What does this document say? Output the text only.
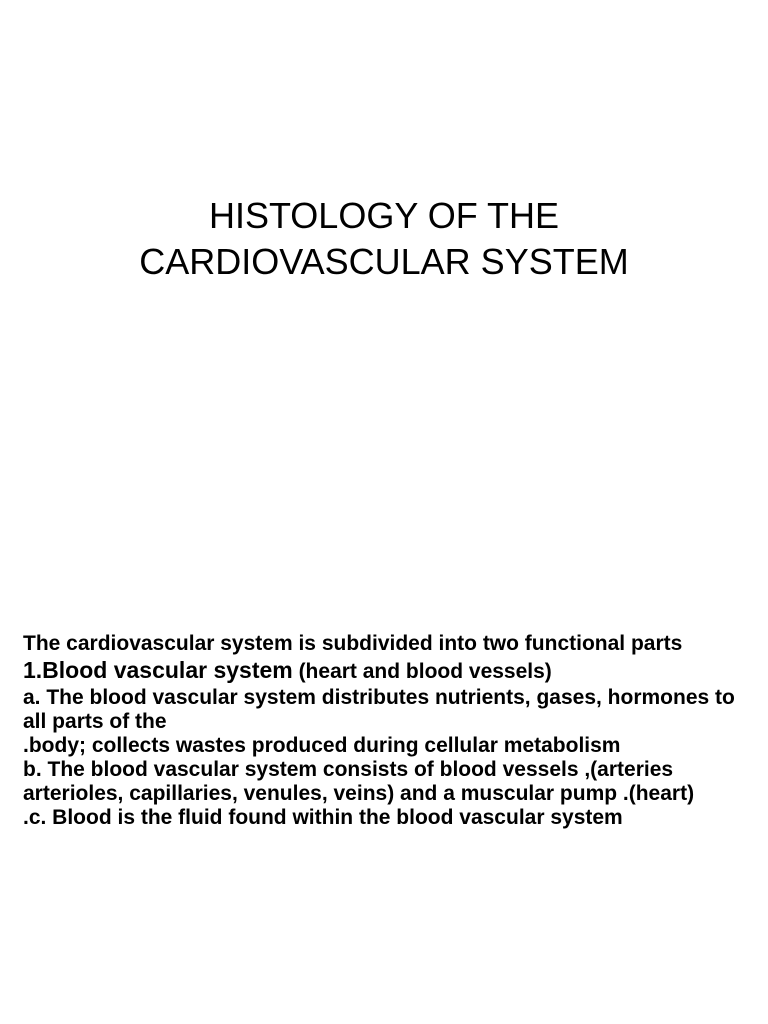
HISTOLOGY OF THE
CARDIOVASCULAR SYSTEM

The cardiovascular system is subdivided into two functional parts

1.Blood vascular system (heart and blood vessels)

a. The blood vascular system distributes nutrients, gases, hormones to all parts of the

.body; collects wastes produced during cellular metabolism

b. The blood vascular system consists of blood vessels ,(arteries

arterioles, capillaries, venules, veins) and a muscular pump .(heart)

.c. Blood is the fluid found within the blood vascular system
